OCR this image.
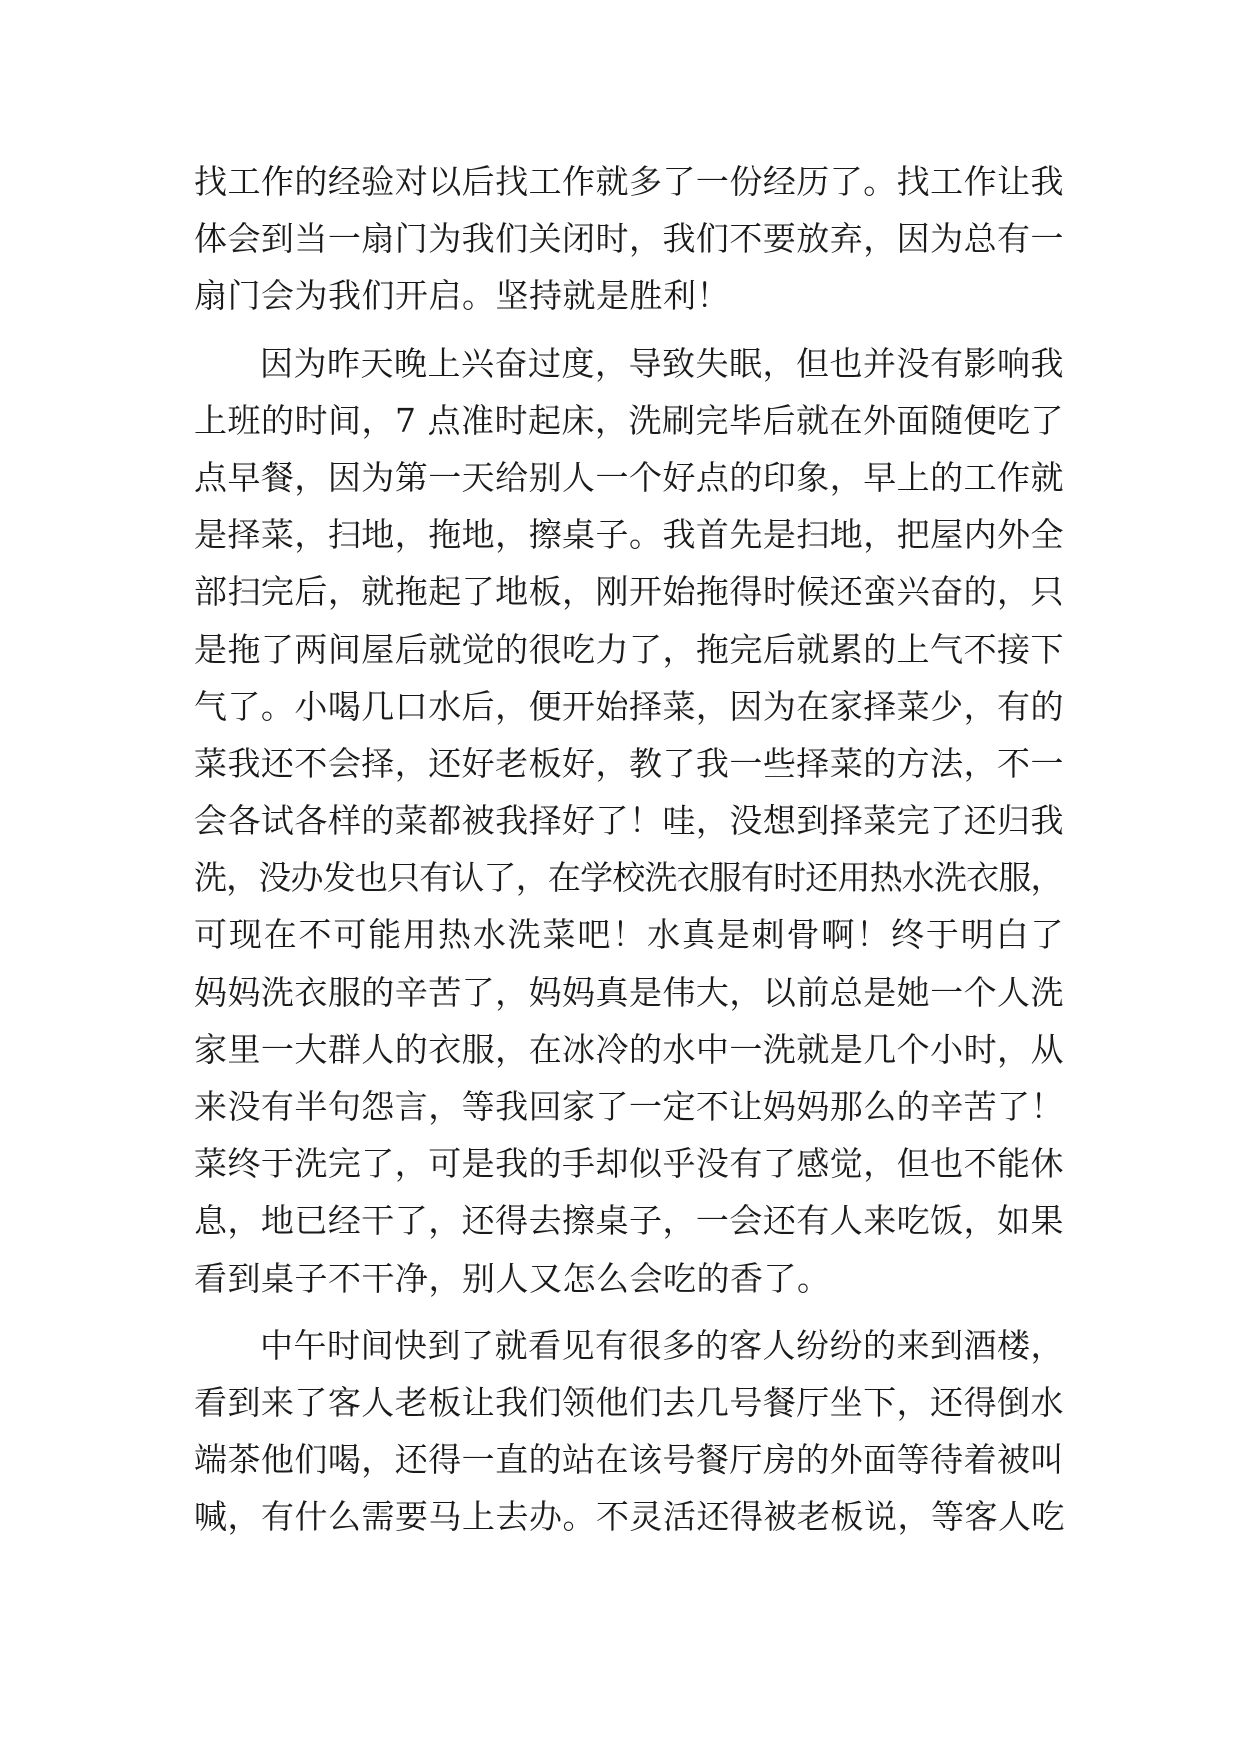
找工作的经验对以后找工作就多了一份经历了。找工作让我
体会到当一扇门为我们关闭时，我们不要放弃，因为总有一
扇门会为我们开启。坚持就是胜利！
因为昨天晚上兴奋过度，导致失眠，但也并没有影响我
上班的时间，7 点准时起床，洗刷完毕后就在外面随便吃了
点早餐，因为第一天给别人一个好点的印象，早上的工作就
是择菜，扫地，拖地，擦桌子。我首先是扫地，把屋内外全
部扫完后，就拖起了地板，刚开始拖得时候还蛮兴奋的，只
是拖了两间屋后就觉的很吃力了，拖完后就累的上气不接下
气了。小喝几口水后，便开始择菜，因为在家择菜少，有的
菜我还不会择，还好老板好，教了我一些择菜的方法，不一
会各试各样的菜都被我择好了！哇，没想到择菜完了还归我
洗，没办发也只有认了，在学校洗衣服有时还用热水洗衣服，
可现在不可能用热水洗菜吧！水真是刺骨啊！终于明白了
妈妈洗衣服的辛苦了，妈妈真是伟大，以前总是她一个人洗
家里一大群人的衣服，在冰冷的水中一洗就是几个小时，从
来没有半句怨言，等我回家了一定不让妈妈那么的辛苦了！
菜终于洗完了，可是我的手却似乎没有了感觉，但也不能休
息，地已经干了，还得去擦桌子，一会还有人来吃饭，如果
看到桌子不干净，别人又怎么会吃的香了。
中午时间快到了就看见有很多的客人纷纷的来到酒楼，
看到来了客人老板让我们领他们去几号餐厅坐下，还得倒水
端茶他们喝，还得一直的站在该号餐厅房的外面等待着被叫
喊，有什么需要马上去办。不灵活还得被老板说，等客人吃
